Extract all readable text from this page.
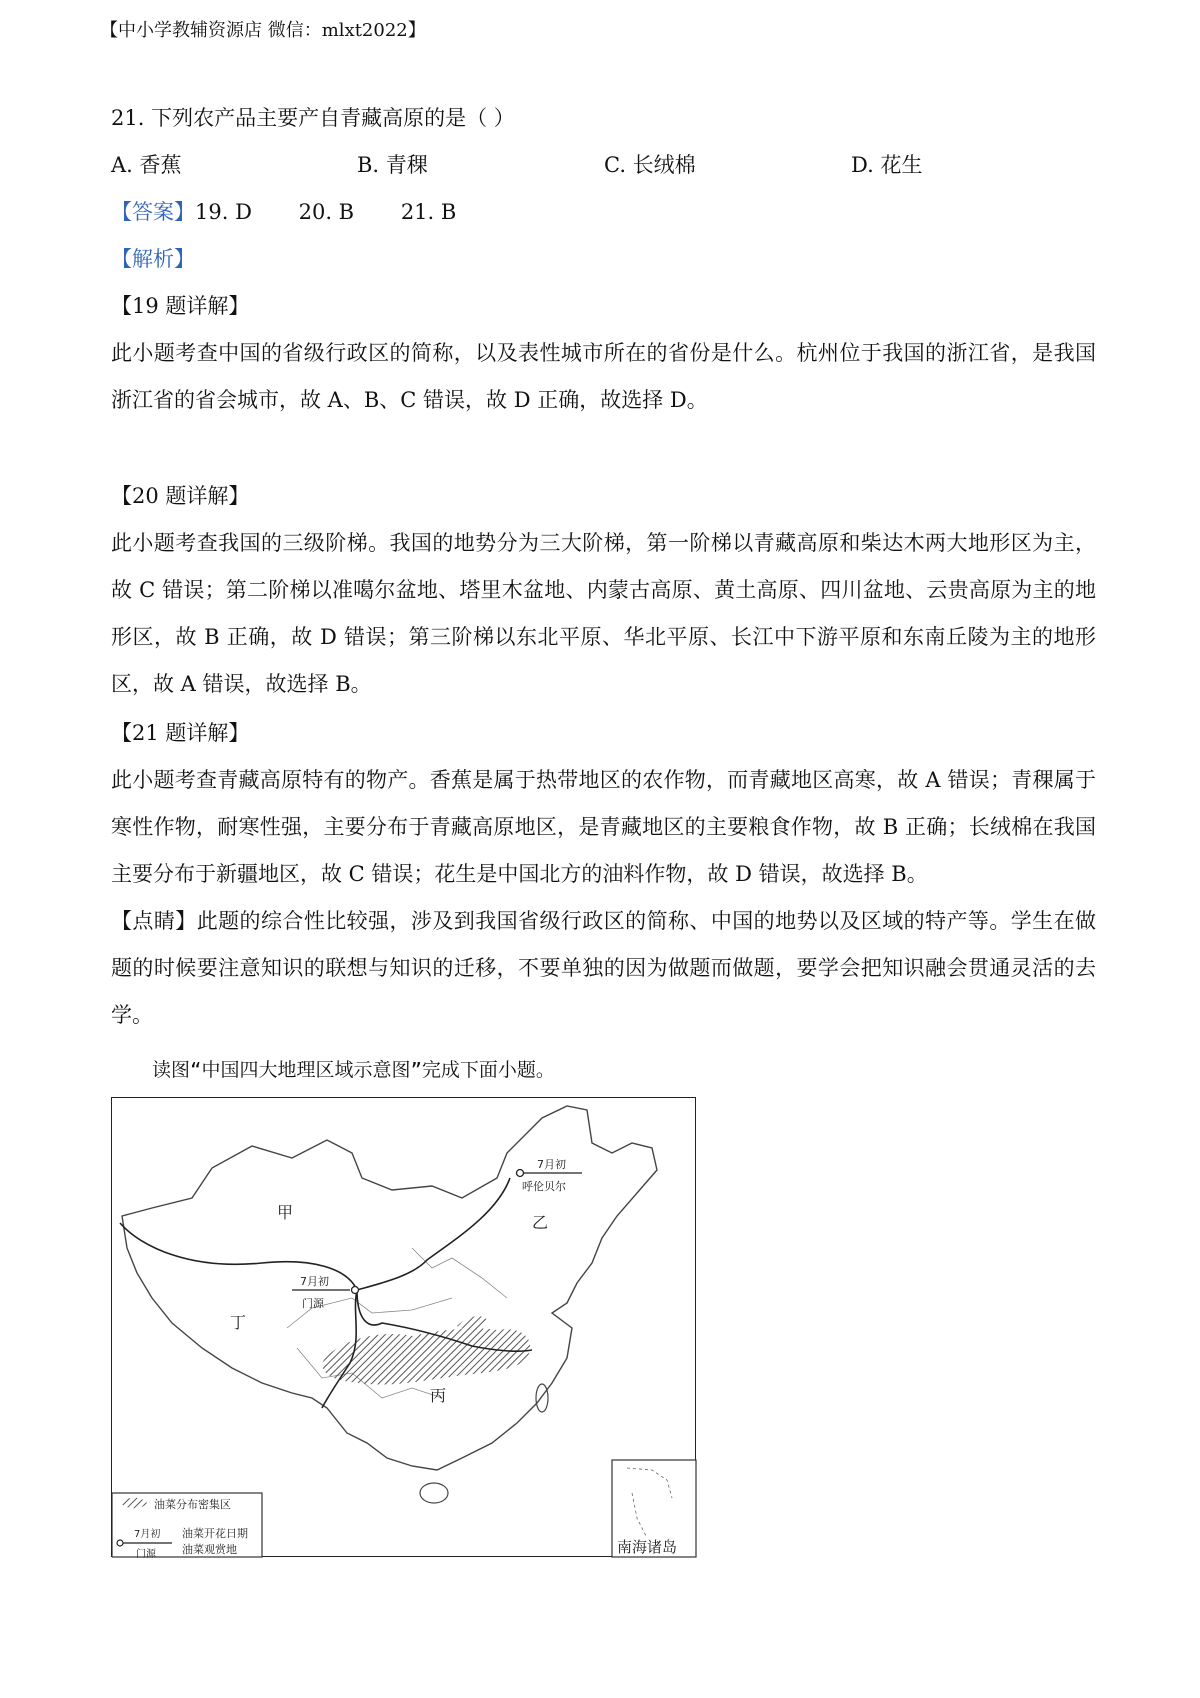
【中小学教辅资源店 微信：mlxt2022】
21. 下列农产品主要产自青藏高原的是（ ）
A. 香蕉	B. 青稞	C. 长绒棉	D. 花生
【答案】19. D 20. B 21. B
【解析】
【19 题详解】
此小题考查中国的省级行政区的简称，以及表性城市所在的省份是什么。杭州位于我国的浙江省，是我国浙江省的省会城市，故 A、B、C 错误，故 D 正确，故选择 D。
【20 题详解】
此小题考查我国的三级阶梯。我国的地势分为三大阶梯，第一阶梯以青藏高原和柴达木两大地形区为主，故 C 错误；第二阶梯以准噶尔盆地、塔里木盆地、内蒙古高原、黄土高原、四川盆地、云贵高原为主的地形区，故 B 正确，故 D 错误；第三阶梯以东北平原、华北平原、长江中下游平原和东南丘陵为主的地形区，故 A 错误，故选择 B。
【21 题详解】
此小题考查青藏高原特有的物产。香蕉是属于热带地区的农作物，而青藏地区高寒，故 A 错误；青稞属于寒性作物，耐寒性强，主要分布于青藏高原地区，是青藏地区的主要粮食作物，故 B 正确；长绒棉在我国主要分布于新疆地区，故 C 错误；花生是中国北方的油料作物，故 D 错误，故选择 B。
【点睛】此题的综合性比较强，涉及到我国省级行政区的简称、中国的地势以及区域的特产等。学生在做题的时候要注意知识的联想与知识的迁移，不要单独的因为做题而做题，要学会把知识融会贯通灵活的去学。
读图“中国四大地理区域示意图”完成下面小题。
甲
乙
丙
丁
7月初
呼伦贝尔
7月初
门源
南海诸岛
油菜分布密集区
7月初
门源
油菜开花日期
油菜观赏地
